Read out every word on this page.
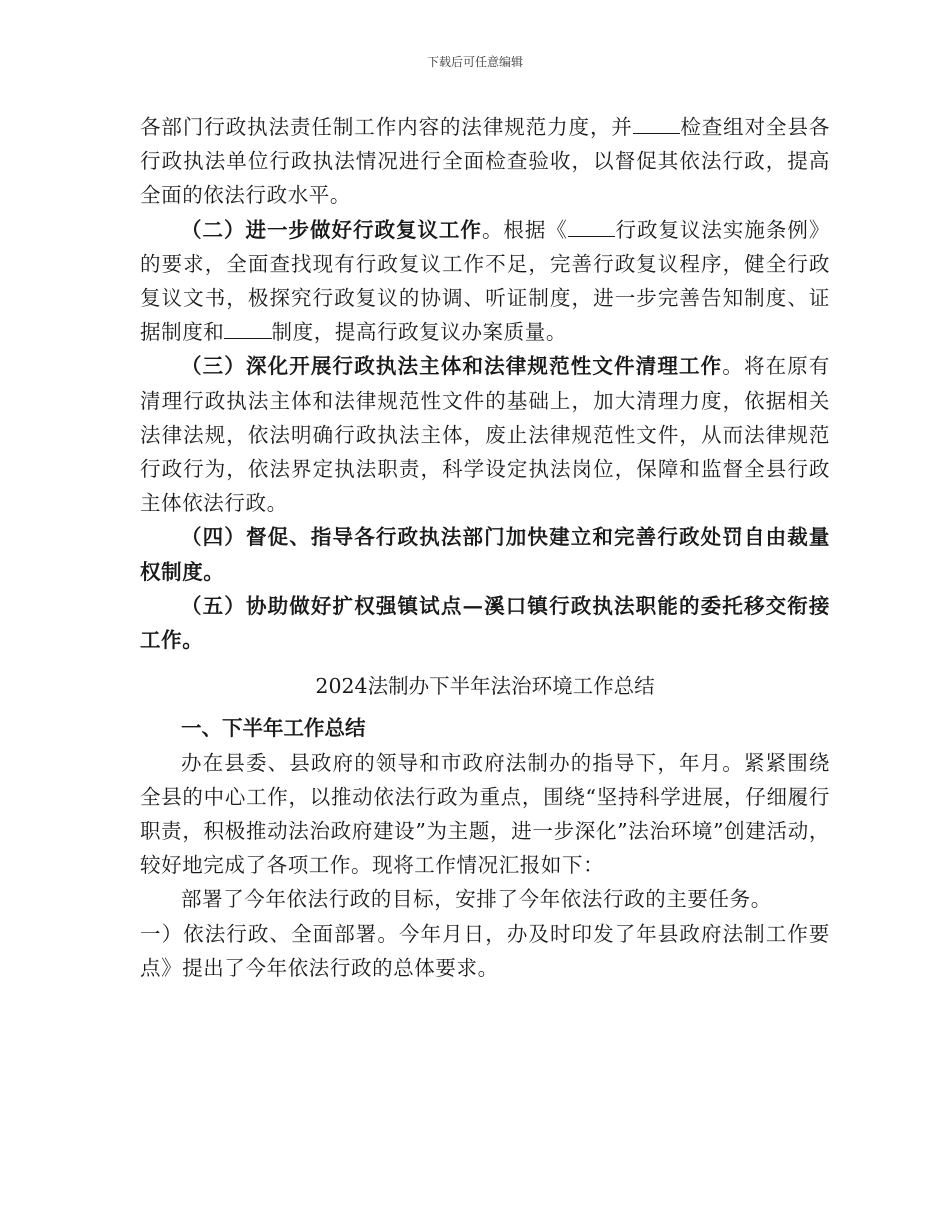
下载后可任意编辑

各部门行政执法责任制工作内容的法律规范力度，并 检查组对全县各行政执法单位行政执法情况进行全面检查验收，以督促其依法行政，提高全面的依法行政水平。

（二）进一步做好行政复议工作。根据《 行政复议法实施条例》的要求，全面查找现有行政复议工作不足，完善行政复议程序，健全行政复议文书，极探究行政复议的协调、听证制度，进一步完善告知制度、证据制度和 制度，提高行政复议办案质量。

（三）深化开展行政执法主体和法律规范性文件清理工作。将在原有清理行政执法主体和法律规范性文件的基础上，加大清理力度，依据相关法律法规，依法明确行政执法主体，废止法律规范性文件，从而法律规范行政行为，依法界定执法职责，科学设定执法岗位，保障和监督全县行政主体依法行政。

（四）督促、指导各行政执法部门加快建立和完善行政处罚自由裁量权制度。

（五）协助做好扩权强镇试点—溪口镇行政执法职能的委托移交衔接工作。

2024法制办下半年法治环境工作总结

一、下半年工作总结

办在县委、县政府的领导和市政府法制办的指导下，年月。紧紧围绕全县的中心工作，以推动依法行政为重点，围绕“坚持科学进展，仔细履行职责，积极推动法治政府建设”为主题，进一步深化”法治环境”创建活动，较好地完成了各项工作。现将工作情况汇报如下：

部署了今年依法行政的目标，安排了今年依法行政的主要任务。

一）依法行政、全面部署。今年月日，办及时印发了年县政府法制工作要点》提出了今年依法行政的总体要求。
